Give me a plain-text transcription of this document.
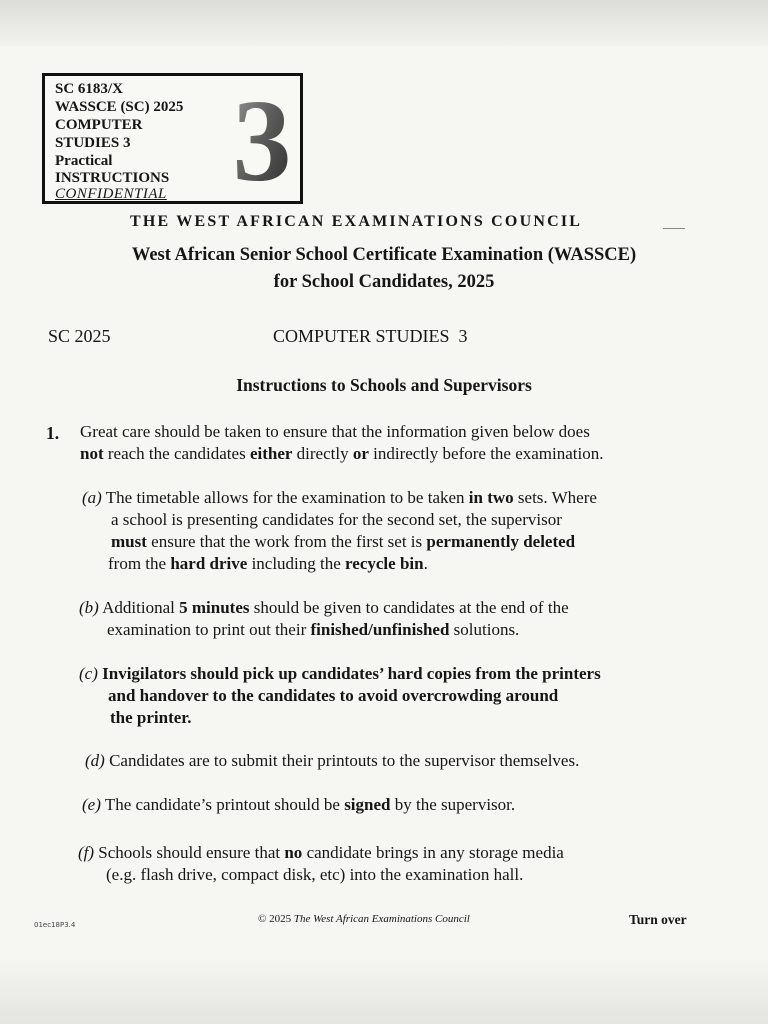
SC 6183/X
WASSCE (SC) 2025
COMPUTER
STUDIES 3
Practical
INSTRUCTIONS
CONFIDENTIAL 3
THE WEST AFRICAN EXAMINATIONS COUNCIL
West African Senior School Certificate Examination (WASSCE)
for School Candidates, 2025
SC 2025	COMPUTER STUDIES  3
Instructions to Schools and Supervisors
1. Great care should be taken to ensure that the information given below does
not reach the candidates either directly or indirectly before the examination.
(a) The timetable allows for the examination to be taken in two sets. Where
a school is presenting candidates for the second set, the supervisor
must ensure that the work from the first set is permanently deleted
from the hard drive including the recycle bin.
(b) Additional 5 minutes should be given to candidates at the end of the
examination to print out their finished/unfinished solutions.
(c) Invigilators should pick up candidates’ hard copies from the printers
and handover to the candidates to avoid overcrowding around
the printer.
(d) Candidates are to submit their printouts to the supervisor themselves.
(e) The candidate’s printout should be signed by the supervisor.
(f) Schools should ensure that no candidate brings in any storage media
(e.g. flash drive, compact disk, etc) into the examination hall.
01ec18P3.4	© 2025 The West African Examinations Council	Turn over
